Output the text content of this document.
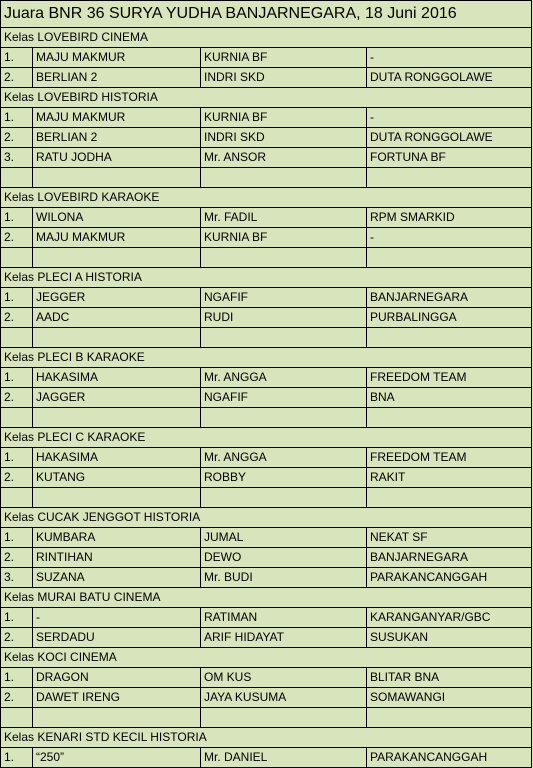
Juara BNR 36 SURYA YUDHA BANJARNEGARA, 18 Juni 2016
Kelas LOVEBIRD CINEMA
1.	MAJU MAKMUR	KURNIA BF	-
2.	BERLIAN 2	INDRI SKD	DUTA RONGGOLAWE
Kelas LOVEBIRD HISTORIA
1.	MAJU MAKMUR	KURNIA BF	-
2.	BERLIAN 2	INDRI SKD	DUTA RONGGOLAWE
3.	RATU JODHA	Mr. ANSOR	FORTUNA BF
Kelas LOVEBIRD KARAOKE
1.	WILONA	Mr. FADIL	RPM SMARKID
2.	MAJU MAKMUR	KURNIA BF	-
Kelas PLECI A HISTORIA
1.	JEGGER	NGAFIF	BANJARNEGARA
2.	AADC	RUDI	PURBALINGGA
Kelas PLECI B KARAOKE
1.	HAKASIMA	Mr. ANGGA	FREEDOM TEAM
2.	JAGGER	NGAFIF	BNA
Kelas PLECI C KARAOKE
1.	HAKASIMA	Mr. ANGGA	FREEDOM TEAM
2.	KUTANG	ROBBY	RAKIT
Kelas CUCAK JENGGOT HISTORIA
1.	KUMBARA	JUMAL	NEKAT SF
2.	RINTIHAN	DEWO	BANJARNEGARA
3.	SUZANA	Mr. BUDI	PARAKANCANGGAH
Kelas MURAI BATU CINEMA
1.	-	RATIMAN	KARANGANYAR/GBC
2.	SERDADU	ARIF HIDAYAT	SUSUKAN
Kelas KOCI CINEMA
1.	DRAGON	OM KUS	BLITAR BNA
2.	DAWET IRENG	JAYA KUSUMA	SOMAWANGI
Kelas KENARI STD KECIL HISTORIA
1.	“250”	Mr. DANIEL	PARAKANCANGGAH
